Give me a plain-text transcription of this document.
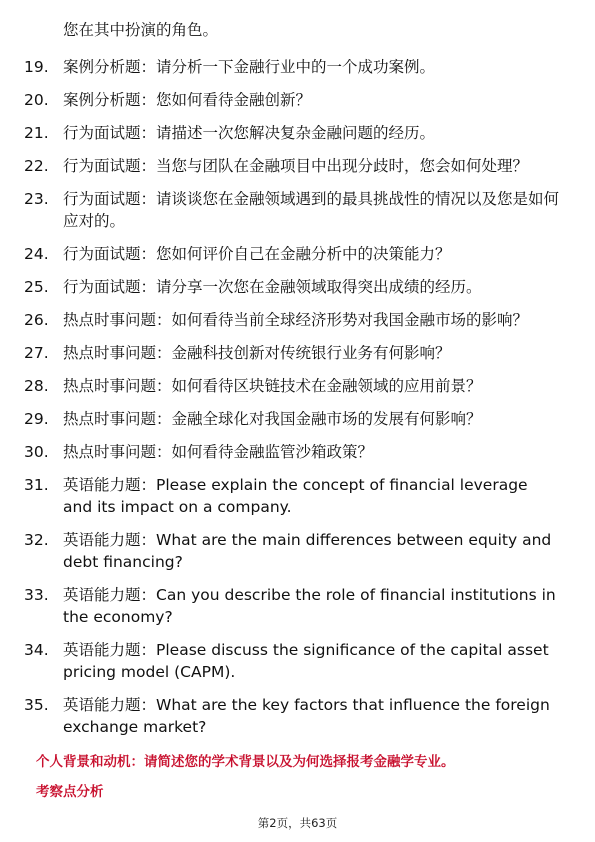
您在其中扮演的角色。

19. 案例分析题：请分析一下金融行业中的一个成功案例。
20. 案例分析题：您如何看待金融创新？
21. 行为面试题：请描述一次您解决复杂金融问题的经历。
22. 行为面试题：当您与团队在金融项目中出现分歧时，您会如何处理？
23. 行为面试题：请谈谈您在金融领域遇到的最具挑战性的情况以及您是如何应对的。
24. 行为面试题：您如何评价自己在金融分析中的决策能力？
25. 行为面试题：请分享一次您在金融领域取得突出成绩的经历。
26. 热点时事问题：如何看待当前全球经济形势对我国金融市场的影响？
27. 热点时事问题：金融科技创新对传统银行业务有何影响？
28. 热点时事问题：如何看待区块链技术在金融领域的应用前景？
29. 热点时事问题：金融全球化对我国金融市场的发展有何影响？
30. 热点时事问题：如何看待金融监管沙箱政策？
31. 英语能力题：Please explain the concept of financial leverage and its impact on a company.
32. 英语能力题：What are the main differences between equity and debt financing?
33. 英语能力题：Can you describe the role of financial institutions in the economy?
34. 英语能力题：Please discuss the significance of the capital asset pricing model (CAPM).
35. 英语能力题：What are the key factors that influence the foreign exchange market?

个人背景和动机：请简述您的学术背景以及为何选择报考金融学专业。

考察点分析

第2页，共63页
